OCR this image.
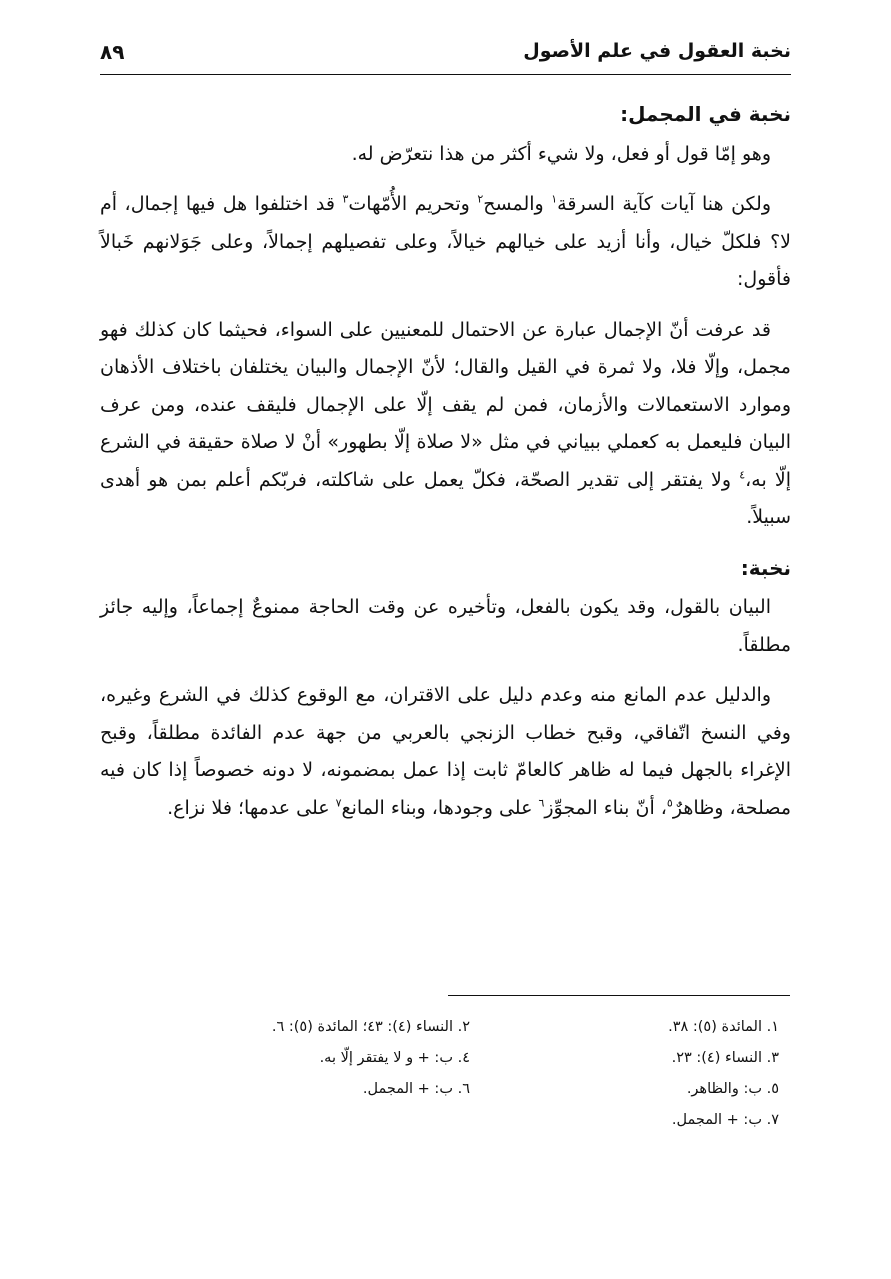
نخبة العقول في علم الأصول
٨٩

نخبة في المجمل:

وهو إمّا قول أو فعل، ولا شيء أكثر من هذا نتعرّض له.

ولكن هنا آيات كآية السرقة$^١$ والمسح$^٢$ وتحريم الأُمّهات$^٣$ قد اختلفوا هل فيها إجمال، أم لا؟ فلكلّ خيال، وأنا أزيد على خيالهم خيالاً، وعلى تفصيلهم إجمالاً، وعلى جَوَلانهم خَبالاً فأقول:

قد عرفت أنّ الإجمال عبارة عن الاحتمال للمعنيين على السواء، فحيثما كان كذلك فهو مجمل، وإلّا فلا، ولا ثمرة في القيل والقال؛ لأنّ الإجمال والبيان يختلفان باختلاف الأذهان وموارد الاستعمالات والأزمان، فمن لم يقف إلّا على الإجمال فليقف عنده، ومن عرف البيان فليعمل به كعملي ببياني في مثل «لا صلاة إلّا بطهور» أنْ لا صلاة حقيقة في الشرع إلّا به،$^٤$ ولا يفتقر إلى تقدير الصحّة، فكلّ يعمل على شاكلته، فربّكم أعلم بمن هو أهدى سبيلاً.

نخبة:

البيان بالقول، وقد يكون بالفعل، وتأخيره عن وقت الحاجة ممنوعٌ إجماعاً، وإليه جائز مطلقاً.

والدليل عدم المانع منه وعدم دليل على الاقتران، مع الوقوع كذلك في الشرع وغيره، وفي النسخ اتّفاقي، وقبح خطاب الزنجي بالعربي من جهة عدم الفائدة مطلقاً، وقبح الإغراء بالجهل فيما له ظاهر كالعامّ ثابت إذا عمل بمضمونه، لا دونه خصوصاً إذا كان فيه مصلحة، وظاهرٌ$^٥$، أنّ بناء المجوِّز$^٦$ على وجودها، وبناء المانع$^٧$ على عدمها؛ فلا نزاع.

١. المائدة (٥): ٣٨.
٢. النساء (٤): ٤٣؛ المائدة (٥): ٦.
٣. النساء (٤): ٢٣.
٤. ب: + و لا يفتقر إلّا به.
٥. ب: والظاهر.
٦. ب: + المجمل.
٧. ب: + المجمل.
